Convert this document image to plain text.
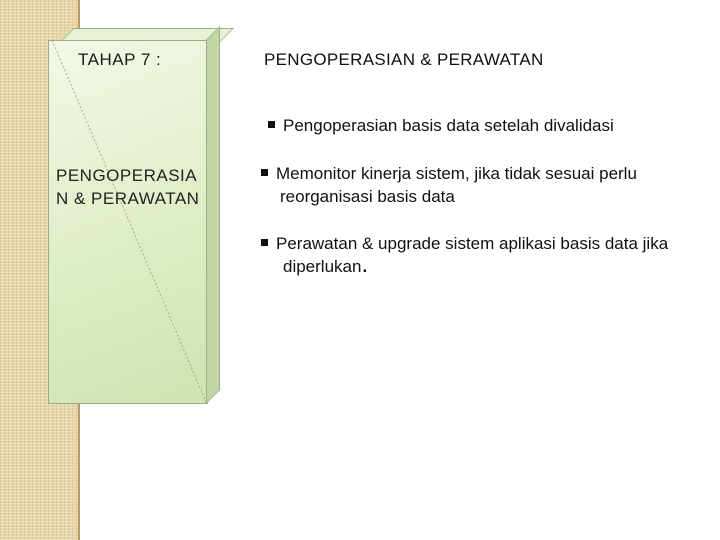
TAHAP 7 :
PENGOPERASIAN & PERAWATAN
PENGOPERASIAN & PERAWATAN
Pengoperasian basis data setelah divalidasi
Memonitor kinerja sistem, jika tidak sesuai perlu reorganisasi basis data
Perawatan & upgrade sistem aplikasi basis data jika diperlukan.
